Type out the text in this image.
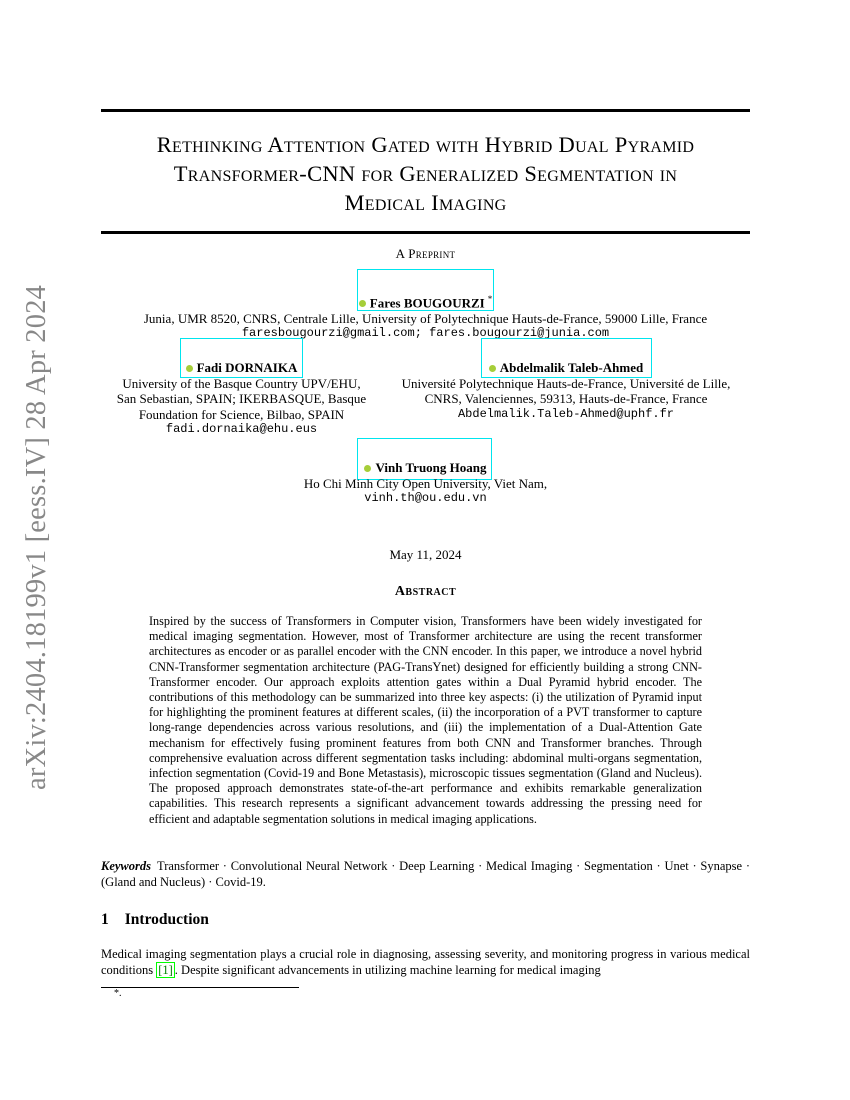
arXiv:2404.18199v1 [eess.IV] 28 Apr 2024
Rethinking Attention Gated with Hybrid Dual Pyramid
Transformer-CNN for Generalized Segmentation in
Medical Imaging
A Preprint
Fares BOUGOURZI *
Junia, UMR 8520, CNRS, Centrale Lille, University of Polytechnique Hauts-de-France, 59000 Lille, France
faresbougourzi@gmail.com; fares.bougourzi@junia.com
Fadi DORNAIKA
University of the Basque Country UPV/EHU,
San Sebastian, SPAIN; IKERBASQUE, Basque
Foundation for Science, Bilbao, SPAIN
fadi.dornaika@ehu.eus
Abdelmalik Taleb-Ahmed
Université Polytechnique Hauts-de-France, Université de Lille,
CNRS, Valenciennes, 59313, Hauts-de-France, France
Abdelmalik.Taleb-Ahmed@uphf.fr
Vinh Truong Hoang
Ho Chi Minh City Open University, Viet Nam,
vinh.th@ou.edu.vn
May 11, 2024
Abstract
Inspired by the success of Transformers in Computer vision, Transformers have been widely investigated for medical imaging segmentation. However, most of Transformer architecture are using the recent transformer architectures as encoder or as parallel encoder with the CNN encoder. In this paper, we introduce a novel hybrid CNN-Transformer segmentation architecture (PAG-TransYnet) designed for efficiently building a strong CNN-Transformer encoder. Our approach exploits attention gates within a Dual Pyramid hybrid encoder. The contributions of this methodology can be summarized into three key aspects: (i) the utilization of Pyramid input for highlighting the prominent features at different scales, (ii) the incorporation of a PVT transformer to capture long-range dependencies across various resolutions, and (iii) the implementation of a Dual-Attention Gate mechanism for effectively fusing prominent features from both CNN and Transformer branches. Through comprehensive evaluation across different segmentation tasks including: abdominal multi-organs segmentation, infection segmentation (Covid-19 and Bone Metastasis), microscopic tissues segmentation (Gland and Nucleus). The proposed approach demonstrates state-of-the-art performance and exhibits remarkable generalization capabilities. This research represents a significant advancement towards addressing the pressing need for efficient and adaptable segmentation solutions in medical imaging applications.
Keywords Transformer · Convolutional Neural Network · Deep Learning · Medical Imaging · Segmentation · Unet · Synapse · (Gland and Nucleus) · Covid-19.
1 Introduction
Medical imaging segmentation plays a crucial role in diagnosing, assessing severity, and monitoring progress in various medical conditions [1] . Despite significant advancements in utilizing machine learning for medical imaging
*.
